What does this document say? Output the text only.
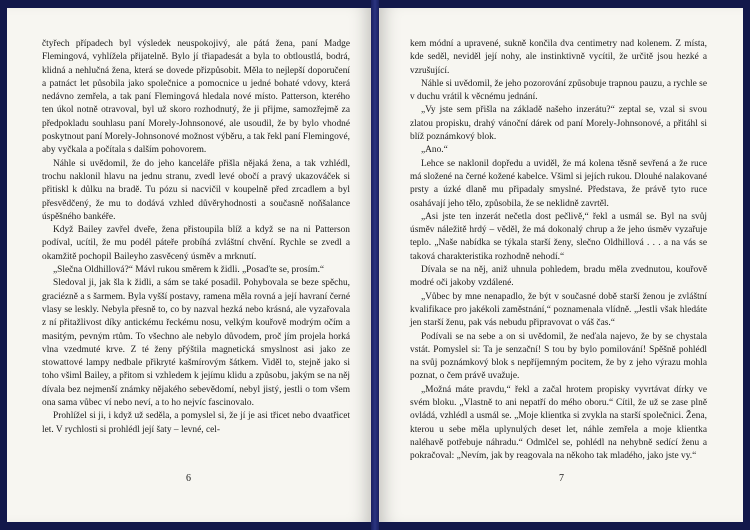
čtyřech případech byl výsledek neuspokojivý, ale pátá žena, paní Madge Flemingová, vyhlížela přijatelně. Bylo jí třiapadesát a byla to obtloustlá, bodrá, klidná a nehlučná žena, která se dovede přizpůsobit. Měla to nejlepší doporučení a patnáct let působila jako společnice a pomocnice u jedné bohaté vdovy, která nedávno zemřela, a tak paní Flemingová hledala nové místo. Patterson, kterého ten úkol notně otravoval, byl už skoro rozhodnutý, že ji přijme, samozřejmě za předpokladu souhlasu paní Morely-Johnsonové, ale usoudil, že by bylo vhodné poskytnout paní Morely-Johnsonové možnost výběru, a tak řekl paní Flemingové, aby vyčkala a počítala s dalším pohovorem.

Náhle si uvědomil, že do jeho kanceláře přišla nějaká žena, a tak vzhlédl, trochu naklonil hlavu na jednu stranu, zvedl levé obočí a pravý ukazováček si přitiskl k důlku na bradě. Tu pózu si nacvičil v koupelně před zrcadlem a byl přesvědčený, že mu to dodává vzhled důvěryhodnosti a současně noňšalance úspěšného bankéře.

Když Bailey zavřel dveře, žena přistoupila blíž a když se na ni Patterson podíval, ucítil, že mu podél páteře probíhá zvláštní chvění. Rychle se zvedl a okamžitě pochopil Baileyho zasvěcený úsměv a mrknutí.

„Slečna Oldhillová?“ Mávl rukou směrem k židli. „Posaďte se, prosím.“

Sledoval ji, jak šla k židli, a sám se také posadil. Pohybovala se beze spěchu, graciézně a s šarmem. Byla vyšší postavy, ramena měla rovná a její havraní černé vlasy se leskly. Nebyla přesně to, co by nazval hezká nebo krásná, ale vyzařovala z ní přitažlivost díky antickému řeckému nosu, velkým kouřově modrým očím a masitým, pevným rtům. To všechno ale nebylo důvodem, proč jím projela horká vlna vzedmuté krve. Z té ženy přýštila magnetická smyslnost asi jako ze stowattové lampy nedbale přikryté kašmírovým šátkem. Viděl to, stejně jako si toho všiml Bailey, a přitom si vzhledem k jejímu klidu a způsobu, jakým se na něj dívala bez nejmenší známky nějakého sebevědomí, nebyl jistý, jestli o tom všem ona sama vůbec ví nebo neví, a to ho nejvíc fascinovalo.

Prohlížel si ji, i když už seděla, a pomyslel si, že jí je asi třicet nebo dvaatřicet let. V rychlosti si prohlédl její šaty – levné, cel-

6

kem módní a upravené, sukně končila dva centimetry nad kolenem. Z místa, kde seděl, neviděl její nohy, ale instinktivně vycítil, že určitě jsou hezké a vzrušující.

Náhle si uvědomil, že jeho pozorování způsobuje trapnou pauzu, a rychle se v duchu vrátil k věcnému jednání.

„Vy jste sem přišla na základě našeho inzerátu?“ zeptal se, vzal si svou zlatou propisku, drahý vánoční dárek od paní Morely-Johnsonové, a přitáhl si blíž poznámkový blok.

„Ano.“

Lehce se naklonil dopředu a uviděl, že má kolena těsně sevřená a že ruce má složené na černé kožené kabelce. Všiml si jejích rukou. Dlouhé nalakované prsty a úzké dlaně mu připadaly smyslné. Představa, že právě tyto ruce osahávají jeho tělo, způsobila, že se neklidně zavrtěl.

„Asi jste ten inzerát nečetla dost pečlivě,“ řekl a usmál se. Byl na svůj úsměv náležitě hrdý – věděl, že má dokonalý chrup a že jeho úsměv vyzařuje teplo. „Naše nabídka se týkala starší ženy, slečno Oldhillová . . . a na vás se taková charakteristika rozhodně nehodí.“

Dívala se na něj, aniž uhnula pohledem, bradu měla zvednutou, kouřově modré oči jakoby vzdálené.

„Vůbec by mne nenapadlo, že být v současné době starší ženou je zvláštní kvalifikace pro jakékoli zaměstnání,“ poznamenala vlídně. „Jestli však hledáte jen starší ženu, pak vás nebudu připravovat o váš čas.“

Podívali se na sebe a on si uvědomil, že neďala najevo, že by se chystala vstát. Pomyslel si: Ta je senzační! S tou by bylo pomilování! Spěšně pohlédl na svůj poznámkový blok s nepříjemným pocitem, že by z jeho výrazu mohla poznat, o čem právě uvažuje.

„Možná máte pravdu,“ řekl a začal hrotem propisky vyvrtávat dírky ve svém bloku. „Vlastně to ani nepatří do mého oboru.“ Cítil, že už se zase plně ovládá, vzhlédl a usmál se. „Moje klientka si zvykla na starší společnici. Žena, kterou u sebe měla uplynulých deset let, náhle zemřela a moje klientka naléhavě potřebuje náhradu.“ Odmlčel se, pohlédl na nehybně sedící ženu a pokračoval: „Nevím, jak by reagovala na někoho tak mladého, jako jste vy.“

7
